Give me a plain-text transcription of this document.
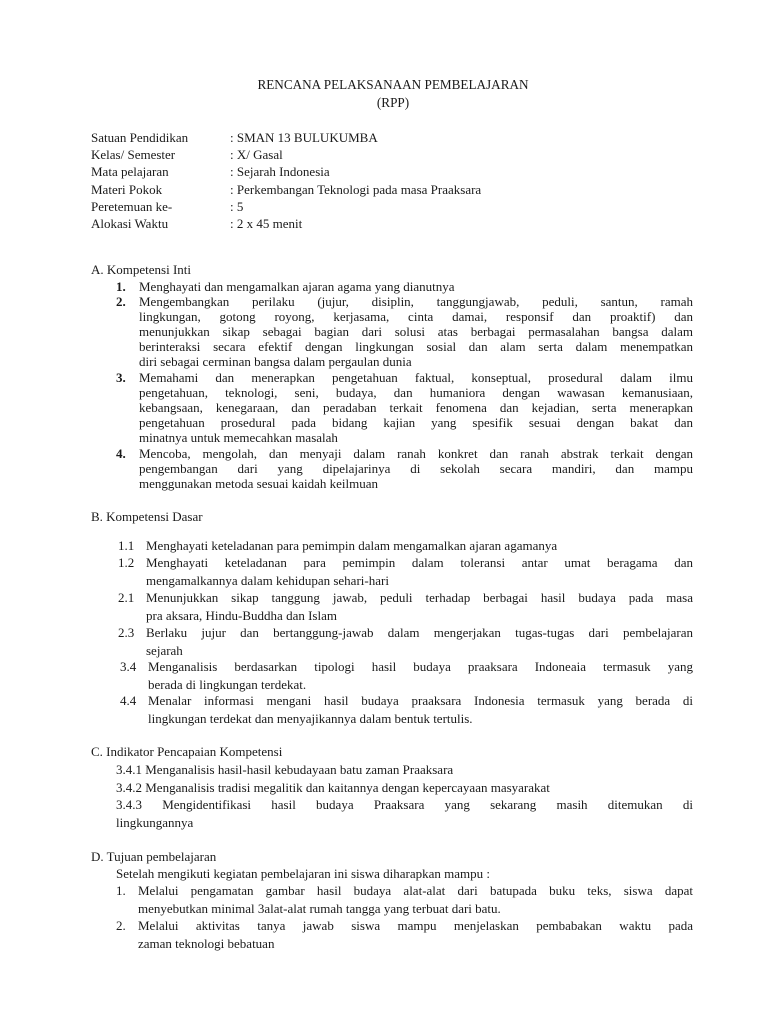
RENCANA PELAKSANAAN PEMBELAJARAN
(RPP)
Satuan Pendidikan	: SMAN 13 BULUKUMBA
Kelas/ Semester	: X/ Gasal
Mata pelajaran	: Sejarah Indonesia
Materi Pokok	: Perkembangan Teknologi pada masa Praaksara
Peretemuan ke-	: 5
Alokasi Waktu	: 2 x 45 menit
A. Kompetensi Inti
1. Menghayati dan mengamalkan ajaran agama yang dianutnya
2. Mengembangkan perilaku (jujur, disiplin, tanggungjawab, peduli, santun, ramah
lingkungan, gotong royong, kerjasama, cinta damai, responsif dan proaktif) dan
menunjukkan sikap sebagai bagian dari solusi atas berbagai permasalahan bangsa dalam
berinteraksi secara efektif dengan lingkungan sosial dan alam serta dalam menempatkan
diri sebagai cerminan bangsa dalam pergaulan dunia
3. Memahami dan menerapkan pengetahuan faktual, konseptual, prosedural dalam ilmu
pengetahuan, teknologi, seni, budaya, dan humaniora dengan wawasan kemanusiaan,
kebangsaan, kenegaraan, dan peradaban terkait fenomena dan kejadian, serta menerapkan
pengetahuan prosedural pada bidang kajian yang spesifik sesuai dengan bakat dan
minatnya untuk memecahkan masalah
4. Mencoba, mengolah, dan menyaji dalam ranah konkret dan ranah abstrak terkait dengan
pengembangan dari yang dipelajarinya di sekolah secara mandiri, dan mampu
menggunakan metoda sesuai kaidah keilmuan
B. Kompetensi Dasar
1.1 Menghayati keteladanan para pemimpin dalam mengamalkan ajaran agamanya
1.2 Menghayati keteladanan para pemimpin dalam toleransi antar umat beragama dan
mengamalkannya dalam kehidupan sehari-hari
2.1 Menunjukkan sikap tanggung jawab, peduli terhadap berbagai hasil budaya pada masa
pra aksara, Hindu-Buddha dan Islam
2.3 Berlaku jujur dan bertanggung-jawab dalam mengerjakan tugas-tugas dari pembelajaran
sejarah
3.4 Menganalisis berdasarkan tipologi hasil budaya praaksara Indoneaia termasuk yang
berada di lingkungan terdekat.
4.4 Menalar informasi mengani hasil budaya praaksara Indonesia termasuk yang berada di
lingkungan terdekat dan menyajikannya dalam bentuk tertulis.
C. Indikator Pencapaian Kompetensi
3.4.1 Menganalisis hasil-hasil kebudayaan batu zaman Praaksara
3.4.2 Menganalisis tradisi megalitik dan kaitannya dengan kepercayaan masyarakat
3.4.3 Mengidentifikasi hasil budaya Praaksara yang sekarang masih ditemukan di
lingkungannya
D. Tujuan pembelajaran
Setelah mengikuti kegiatan pembelajaran ini siswa diharapkan mampu :
1. Melalui pengamatan gambar hasil budaya alat-alat dari batupada buku teks, siswa dapat
menyebutkan minimal 3alat-alat rumah tangga yang terbuat dari batu.
2. Melalui aktivitas tanya jawab siswa mampu menjelaskan pembabakan waktu pada
zaman teknologi bebatuan
